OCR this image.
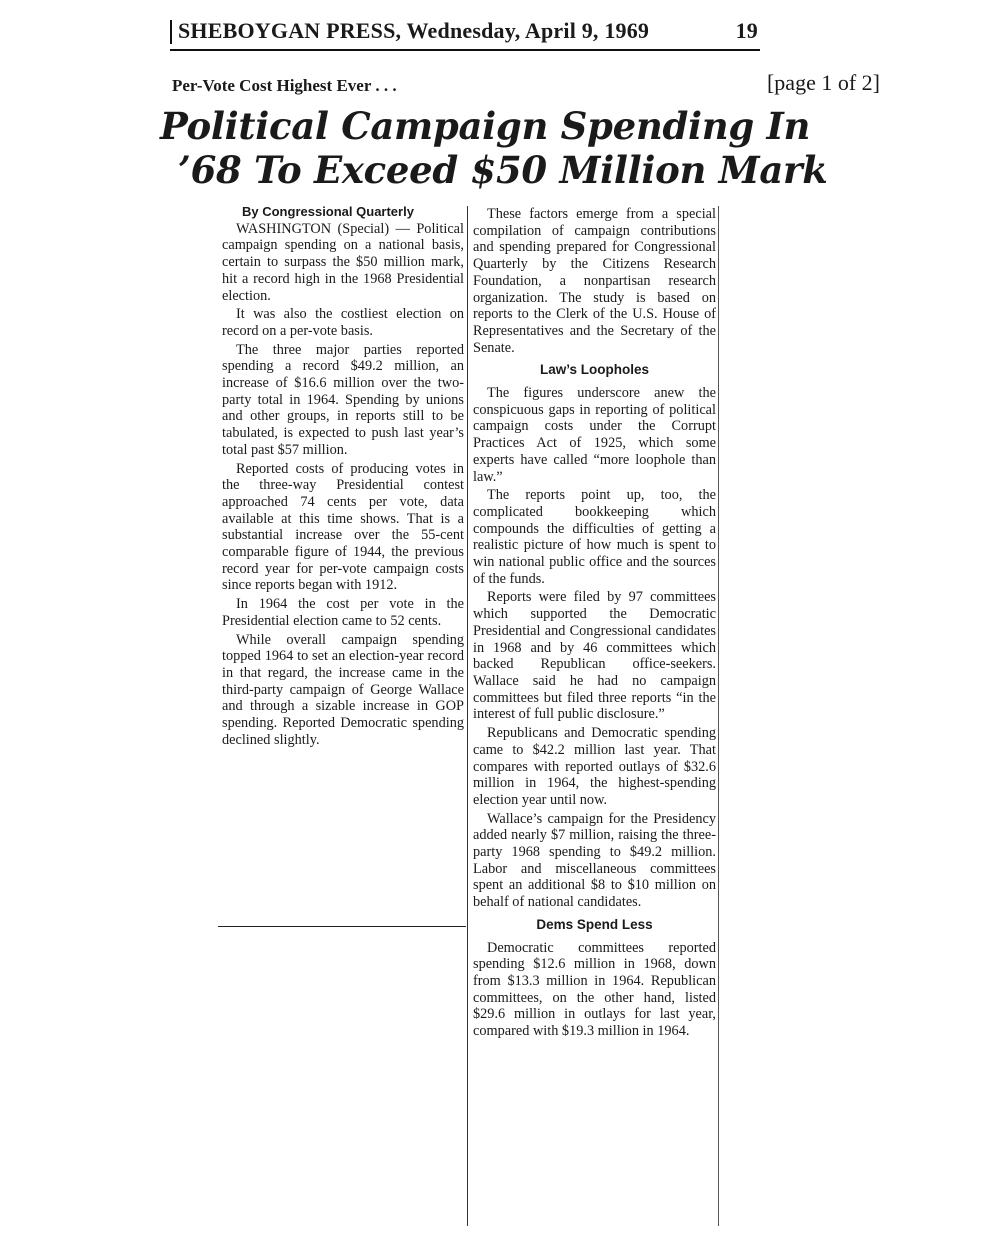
SHEBOYGAN PRESS, Wednesday, April 9, 1969	19
Per-Vote Cost Highest Ever . . .	[page 1 of 2]
Political Campaign Spending In
’68 To Exceed $50 Million Mark

By Congressional Quarterly

WASHINGTON (Special) — Political campaign spending on a national basis, certain to surpass the $50 million mark, hit a record high in the 1968 Presidential election.

It was also the costliest election on record on a per-vote basis.

The three major parties reported spending a record $49.2 million, an increase of $16.6 million over the two-party total in 1964. Spending by unions and other groups, in reports still to be tabulated, is expected to push last year’s total past $57 million.

Reported costs of producing votes in the three-way Presidential contest approached 74 cents per vote, data available at this time shows. That is a substantial increase over the 55-cent comparable figure of 1944, the previous record year for per-vote campaign costs since reports began with 1912.

In 1964 the cost per vote in the Presidential election came to 52 cents.

While overall campaign spending topped 1964 to set an election-year record in that regard, the increase came in the third-party campaign of George Wallace and through a sizable increase in GOP spending. Reported Democratic spending declined slightly.

These factors emerge from a special compilation of campaign contributions and spending prepared for Congressional Quarterly by the Citizens Research Foundation, a nonpartisan research organization. The study is based on reports to the Clerk of the U.S. House of Representatives and the Secretary of the Senate.

Law’s Loopholes

The figures underscore anew the conspicuous gaps in reporting of political campaign costs under the Corrupt Practices Act of 1925, which some experts have called “more loophole than law.”

The reports point up, too, the complicated bookkeeping which compounds the difficulties of getting a realistic picture of how much is spent to win national public office and the sources of the funds.

Reports were filed by 97 committees which supported the Democratic Presidential and Congressional candidates in 1968 and by 46 committees which backed Republican office-seekers. Wallace said he had no campaign committees but filed three reports “in the interest of full public disclosure.”

Republicans and Democratic spending came to $42.2 million last year. That compares with reported outlays of $32.6 million in 1964, the highest-spending election year until now.

Wallace’s campaign for the Presidency added nearly $7 million, raising the three-party 1968 spending to $49.2 million. Labor and miscellaneous committees spent an additional $8 to $10 million on behalf of national candidates.

Dems Spend Less

Democratic committees reported spending $12.6 million in 1968, down from $13.3 million in 1964. Republican committees, on the other hand, listed $29.6 million in outlays for last year, compared with $19.3 million in 1964.
